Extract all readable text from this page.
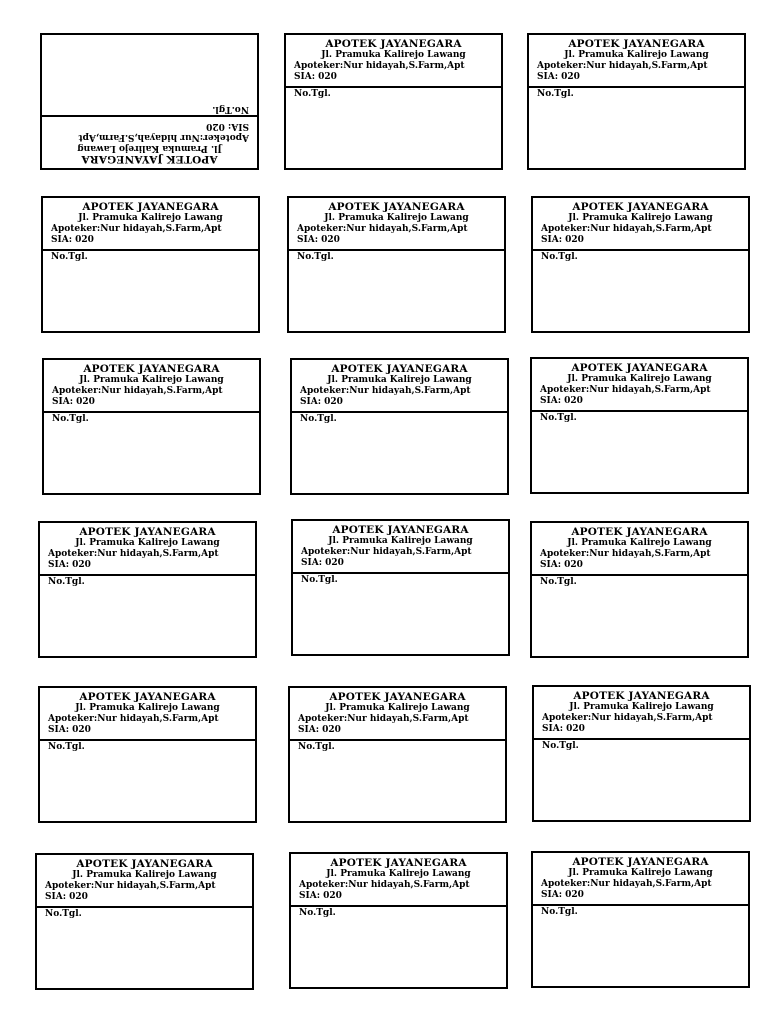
APOTEK JAYANEGARA
Jl. Pramuka Kalirejo Lawang
Apoteker:Nur hidayah,S.Farm,Apt
SIA: 020
No.Tgl.
APOTEK JAYANEGARA
Jl. Pramuka Kalirejo Lawang
Apoteker:Nur hidayah,S.Farm,Apt
SIA: 020
No.Tgl.
APOTEK JAYANEGARA
Jl. Pramuka Kalirejo Lawang
Apoteker:Nur hidayah,S.Farm,Apt
SIA: 020
No.Tgl.
APOTEK JAYANEGARA
Jl. Pramuka Kalirejo Lawang
Apoteker:Nur hidayah,S.Farm,Apt
SIA: 020
No.Tgl.
APOTEK JAYANEGARA
Jl. Pramuka Kalirejo Lawang
Apoteker:Nur hidayah,S.Farm,Apt
SIA: 020
No.Tgl.
APOTEK JAYANEGARA
Jl. Pramuka Kalirejo Lawang
Apoteker:Nur hidayah,S.Farm,Apt
SIA: 020
No.Tgl.
APOTEK JAYANEGARA
Jl. Pramuka Kalirejo Lawang
Apoteker:Nur hidayah,S.Farm,Apt
SIA: 020
No.Tgl.
APOTEK JAYANEGARA
Jl. Pramuka Kalirejo Lawang
Apoteker:Nur hidayah,S.Farm,Apt
SIA: 020
No.Tgl.
APOTEK JAYANEGARA
Jl. Pramuka Kalirejo Lawang
Apoteker:Nur hidayah,S.Farm,Apt
SIA: 020
No.Tgl.
APOTEK JAYANEGARA
Jl. Pramuka Kalirejo Lawang
Apoteker:Nur hidayah,S.Farm,Apt
SIA: 020
No.Tgl.
APOTEK JAYANEGARA
Jl. Pramuka Kalirejo Lawang
Apoteker:Nur hidayah,S.Farm,Apt
SIA: 020
No.Tgl.
APOTEK JAYANEGARA
Jl. Pramuka Kalirejo Lawang
Apoteker:Nur hidayah,S.Farm,Apt
SIA: 020
No.Tgl.
APOTEK JAYANEGARA
Jl. Pramuka Kalirejo Lawang
Apoteker:Nur hidayah,S.Farm,Apt
SIA: 020
No.Tgl.
APOTEK JAYANEGARA
Jl. Pramuka Kalirejo Lawang
Apoteker:Nur hidayah,S.Farm,Apt
SIA: 020
No.Tgl.
APOTEK JAYANEGARA
Jl. Pramuka Kalirejo Lawang
Apoteker:Nur hidayah,S.Farm,Apt
SIA: 020
No.Tgl.
APOTEK JAYANEGARA
Jl. Pramuka Kalirejo Lawang
Apoteker:Nur hidayah,S.Farm,Apt
SIA: 020
No.Tgl.
APOTEK JAYANEGARA
Jl. Pramuka Kalirejo Lawang
Apoteker:Nur hidayah,S.Farm,Apt
SIA: 020
No.Tgl.
APOTEK JAYANEGARA
Jl. Pramuka Kalirejo Lawang
Apoteker:Nur hidayah,S.Farm,Apt
SIA: 020
No.Tgl.
